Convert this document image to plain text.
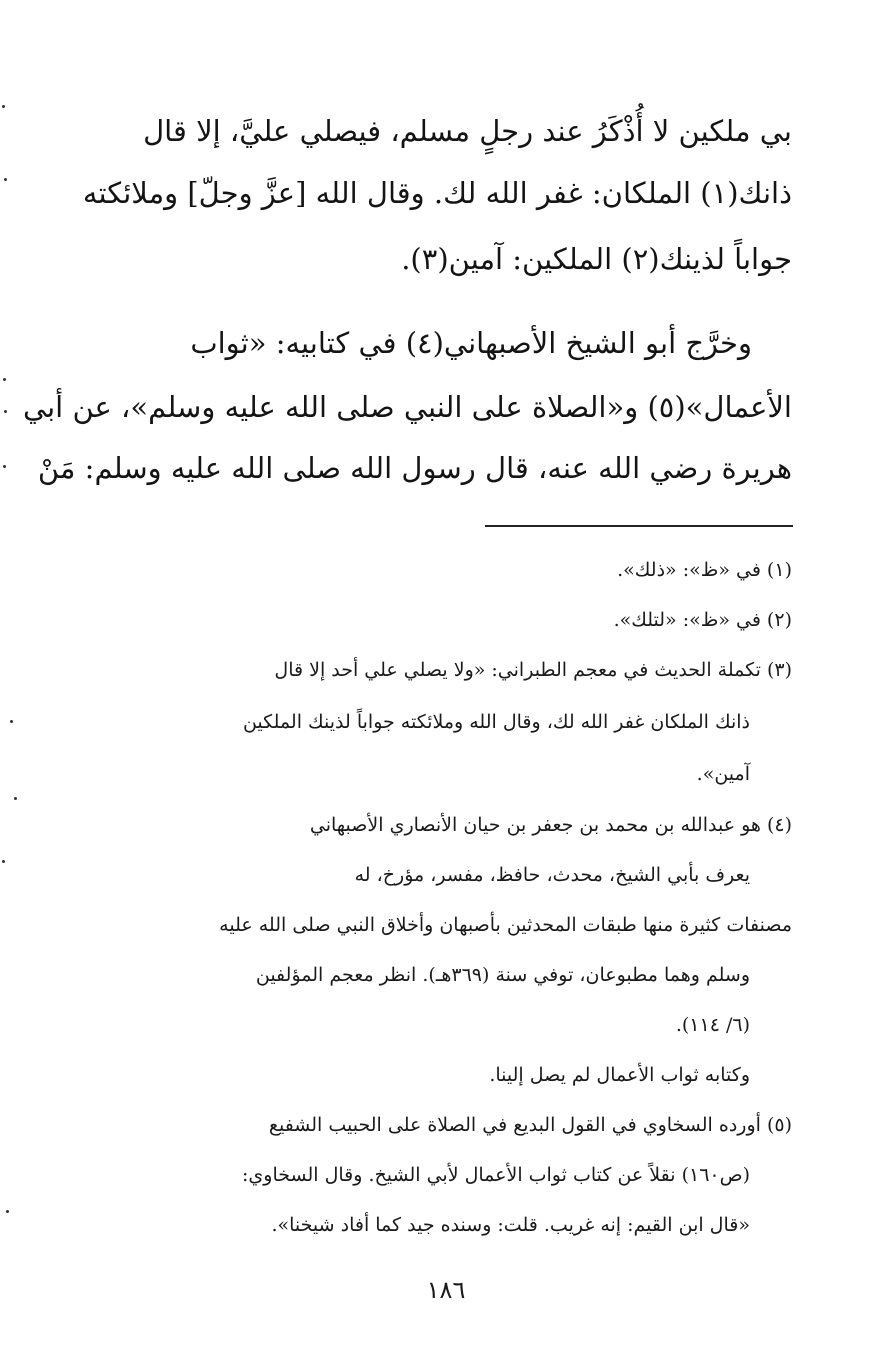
بي ملكين لا أُذْكَرُ عند رجلٍ مسلم، فيصلي عليَّ، إلا قال
ذانك(١) الملكان: غفر الله لك. وقال الله [عزَّ وجلّ] وملائكته
جواباً لذينك(٢) الملكين: آمين(٣).
وخرَّج أبو الشيخ الأصبهاني(٤) في كتابيه: «ثواب
الأعمال»(٥) و«الصلاة على النبي صلى الله عليه وسلم»، عن أبي
هريرة رضي الله عنه، قال رسول الله صلى الله عليه وسلم: مَنْ
(١) في «ظ»: «ذلك».
(٢) في «ظ»: «لتلك».
(٣) تكملة الحديث في معجم الطبراني: «ولا يصلي علي أحد إلا قال
ذانك الملكان غفر الله لك، وقال الله وملائكته جواباً لذينك الملكين
آمين».
(٤) هو عبدالله بن محمد بن جعفر بن حيان الأنصاري الأصبهاني
يعرف بأبي الشيخ، محدث، حافظ، مفسر، مؤرخ، له
مصنفات كثيرة منها طبقات المحدثين بأصبهان وأخلاق النبي صلى الله عليه
وسلم وهما مطبوعان، توفي سنة (٣٦٩هـ). انظر معجم المؤلفين
(٦/ ١١٤).
وكتابه ثواب الأعمال لم يصل إلينا.
(٥) أورده السخاوي في القول البديع في الصلاة على الحبيب الشفيع
(ص١٦٠) نقلاً عن كتاب ثواب الأعمال لأبي الشيخ. وقال السخاوي:
«قال ابن القيم: إنه غريب. قلت: وسنده جيد كما أفاد شيخنا».
١٨٦
